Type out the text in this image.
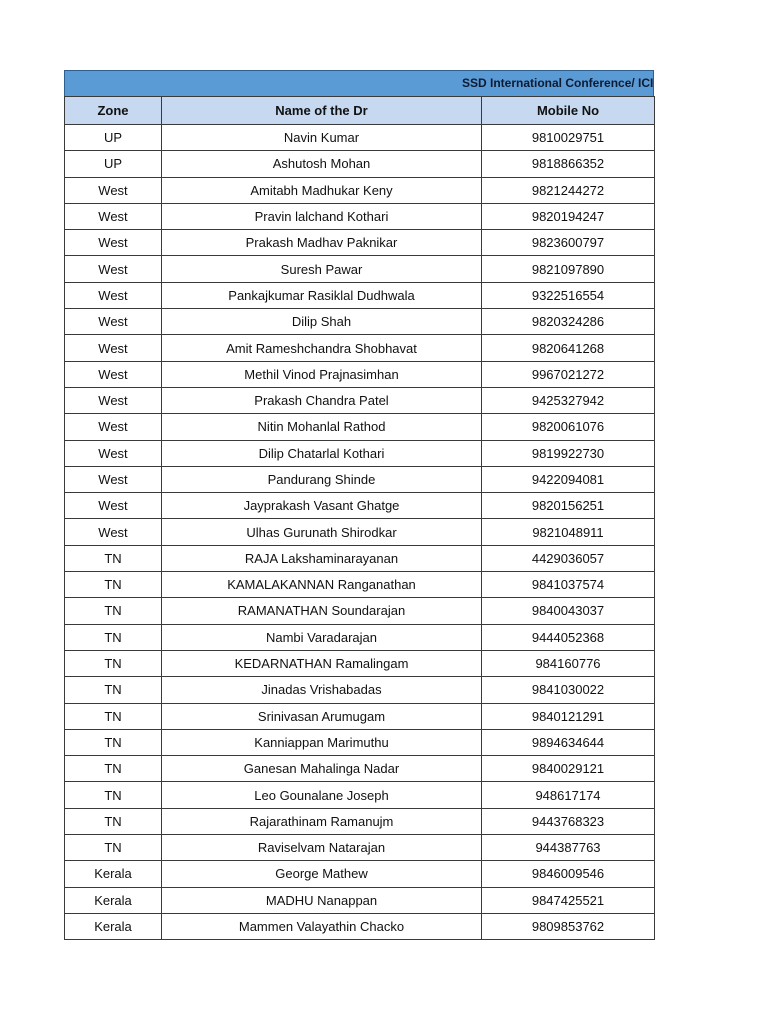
SSD International Conference/ ICI
Zone	Name of the Dr	Mobile No
UP	Navin Kumar	9810029751
UP	Ashutosh Mohan	9818866352
West	Amitabh Madhukar Keny	9821244272
West	Pravin lalchand Kothari	9820194247
West	Prakash Madhav Paknikar	9823600797
West	Suresh Pawar	9821097890
West	Pankajkumar Rasiklal Dudhwala	9322516554
West	Dilip Shah	9820324286
West	Amit Rameshchandra Shobhavat	9820641268
West	Methil Vinod Prajnasimhan	9967021272
West	Prakash Chandra Patel	9425327942
West	Nitin Mohanlal Rathod	9820061076
West	Dilip Chatarlal Kothari	9819922730
West	Pandurang Shinde	9422094081
West	Jayprakash Vasant Ghatge	9820156251
West	Ulhas Gurunath Shirodkar	9821048911
TN	RAJA Lakshaminarayanan	4429036057
TN	KAMALAKANNAN Ranganathan	9841037574
TN	RAMANATHAN Soundarajan	9840043037
TN	Nambi Varadarajan	9444052368
TN	KEDARNATHAN Ramalingam	984160776
TN	Jinadas Vrishabadas	9841030022
TN	Srinivasan Arumugam	9840121291
TN	Kanniappan Marimuthu	9894634644
TN	Ganesan Mahalinga Nadar	9840029121
TN	Leo Gounalane Joseph	948617174
TN	Rajarathinam Ramanujm	9443768323
TN	Raviselvam Natarajan	944387763
Kerala	George Mathew	9846009546
Kerala	MADHU Nanappan	9847425521
Kerala	Mammen Valayathin Chacko	9809853762
